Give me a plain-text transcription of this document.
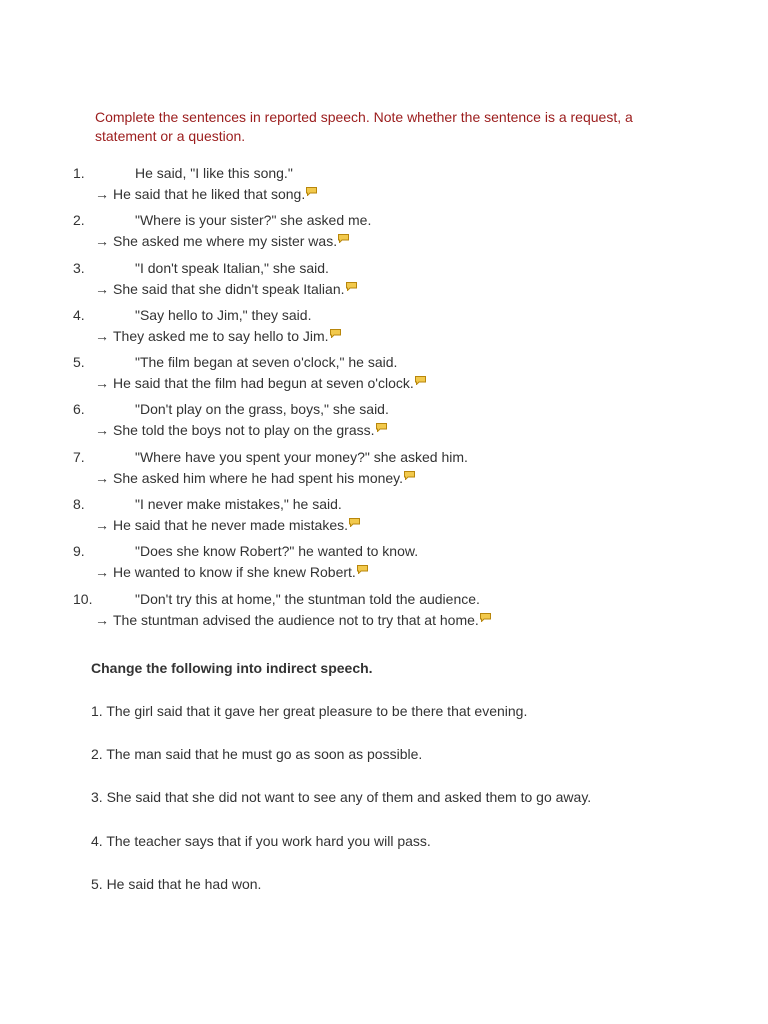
Complete the sentences in reported speech. Note whether the sentence is a request, a statement or a question.
1.	He said, "I like this song."
→ He said that he liked that song.
2.	"Where is your sister?" she asked me.
→ She asked me where my sister was.
3.	"I don't speak Italian," she said.
→ She said that she didn't speak Italian.
4.	"Say hello to Jim," they said.
→ They asked me to say hello to Jim.
5.	"The film began at seven o'clock," he said.
→ He said that the film had begun at seven o'clock.
6.	"Don't play on the grass, boys," she said.
→ She told the boys not to play on the grass.
7.	"Where have you spent your money?" she asked him.
→ She asked him where he had spent his money.
8.	"I never make mistakes," he said.
→ He said that he never made mistakes.
9.	"Does she know Robert?" he wanted to know.
→ He wanted to know if she knew Robert.
10.	"Don't try this at home," the stuntman told the audience.
→ The stuntman advised the audience not to try that at home.
Change the following into indirect speech.
1. The girl said that it gave her great pleasure to be there that evening.
2. The man said that he must go as soon as possible.
3. She said that she did not want to see any of them and asked them to go away.
4. The teacher says that if you work hard you will pass.
5. He said that he had won.
